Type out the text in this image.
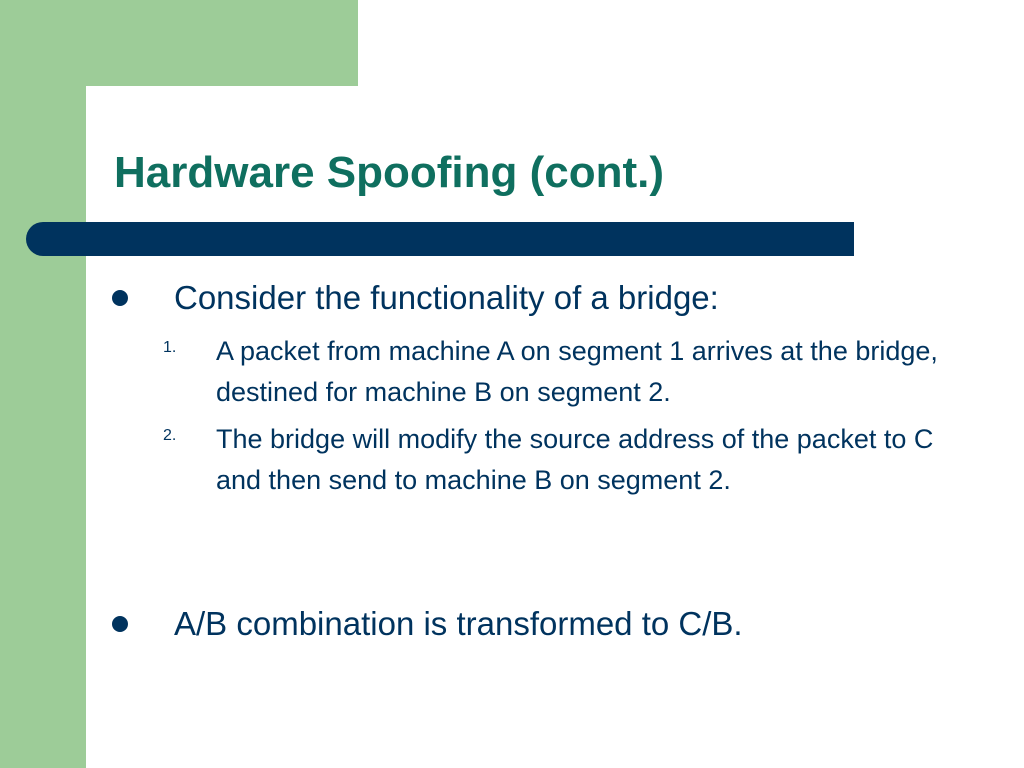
Hardware Spoofing (cont.)
Consider the functionality of a bridge:
1. A packet from machine A on segment 1 arrives at the bridge, destined for machine B on segment 2.
2. The bridge will modify the source address of the packet to C and then send to machine B on segment 2.
A/B combination is transformed to C/B.
